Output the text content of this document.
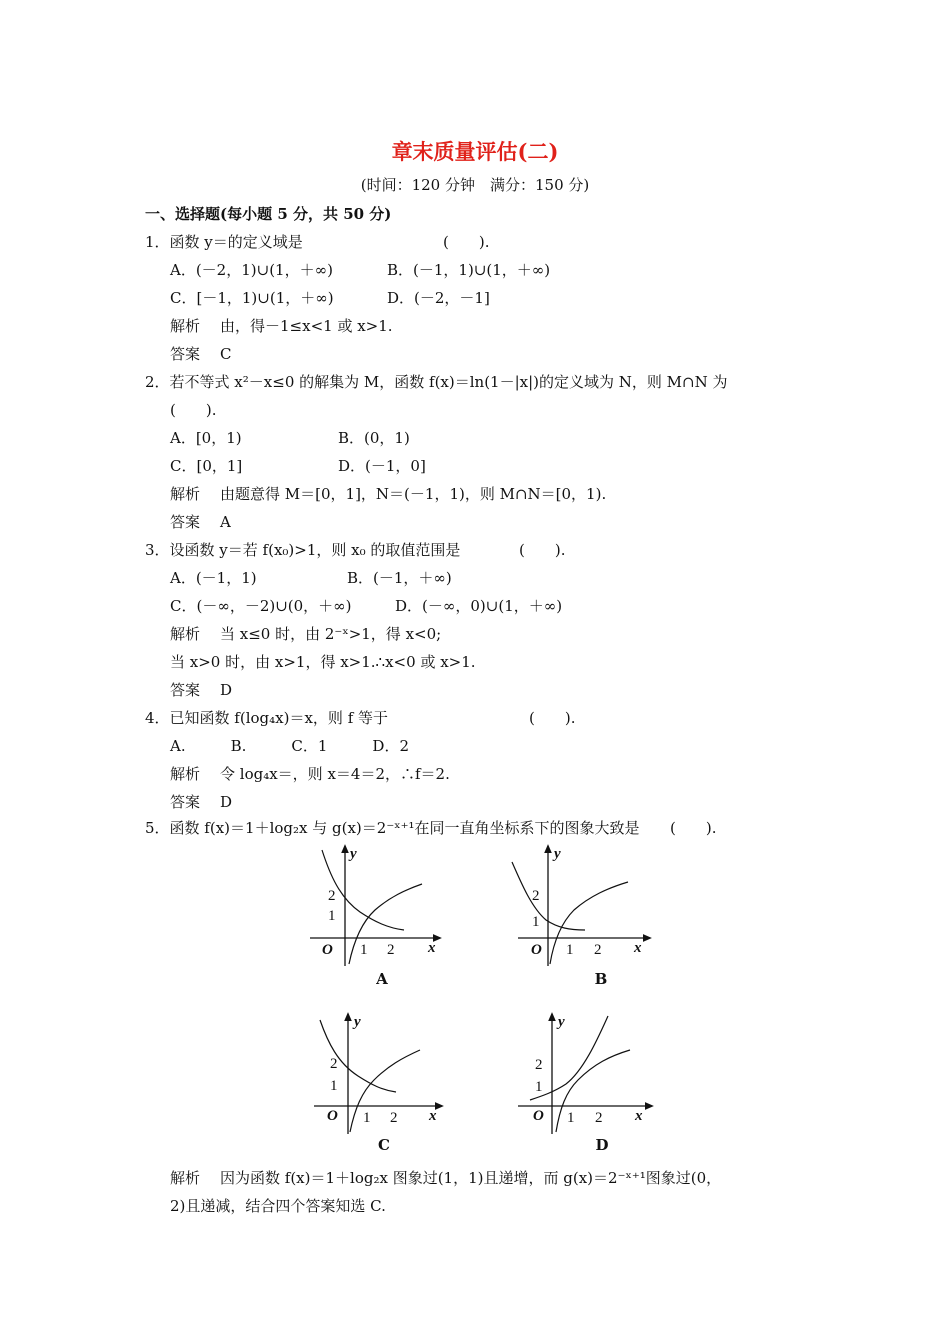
章末质量评估(二)
(时间：120 分钟　满分：150 分)
一、选择题(每小题 5 分，共 50 分)
1．函数 y＝的定义域是	(　　).
A．(－2，1)∪(1，＋∞)	B．(－1，1)∪(1，＋∞)
C．[－1，1)∪(1，＋∞)	D．(－2，－1]
解析 由，得－1≤x<1 或 x>1.
答案 C
2．若不等式 x²－x≤0 的解集为 M，函数 f(x)＝ln(1－|x|)的定义域为 N，则 M∩N 为
(　　).
A．[0，1)	B．(0，1)
C．[0，1]	D．(－1，0]
解析 由题意得 M＝[0，1]，N＝(－1，1)，则 M∩N＝[0，1).
答案 A
3．设函数 y＝若 f(x₀)>1，则 x₀ 的取值范围是	(　　).
A．(－1，1)	B．(－1，＋∞)
C．(－∞，－2)∪(0，＋∞)	D．(－∞，0)∪(1，＋∞)
解析 当 x≤0 时，由 2⁻ˣ>1，得 x<0;
当 x>0 时，由 x>1，得 x>1.∴x<0 或 x>1.
答案 D
4．已知函数 f(log₄x)＝x，则 f 等于	(　　).
A.　　　B.　　　C．1　　　D．2
解析 令 log₄x＝，则 x＝4＝2，∴f＝2.
答案 D
5．函数 f(x)＝1＋log₂x 与 g(x)＝2⁻ˣ⁺¹在同一直角坐标系下的图象大致是 (　　).
y
x
O
2
1
1 2
A
y
x
O
2
1
1 2
B
y
x
O
2
1
1 2
C
y
x
O
2
1
1 2
D
解析 因为函数 f(x)＝1＋log₂x 图象过(1，1)且递增，而 g(x)＝2⁻ˣ⁺¹图象过(0，
2)且递减，结合四个答案知选 C.
